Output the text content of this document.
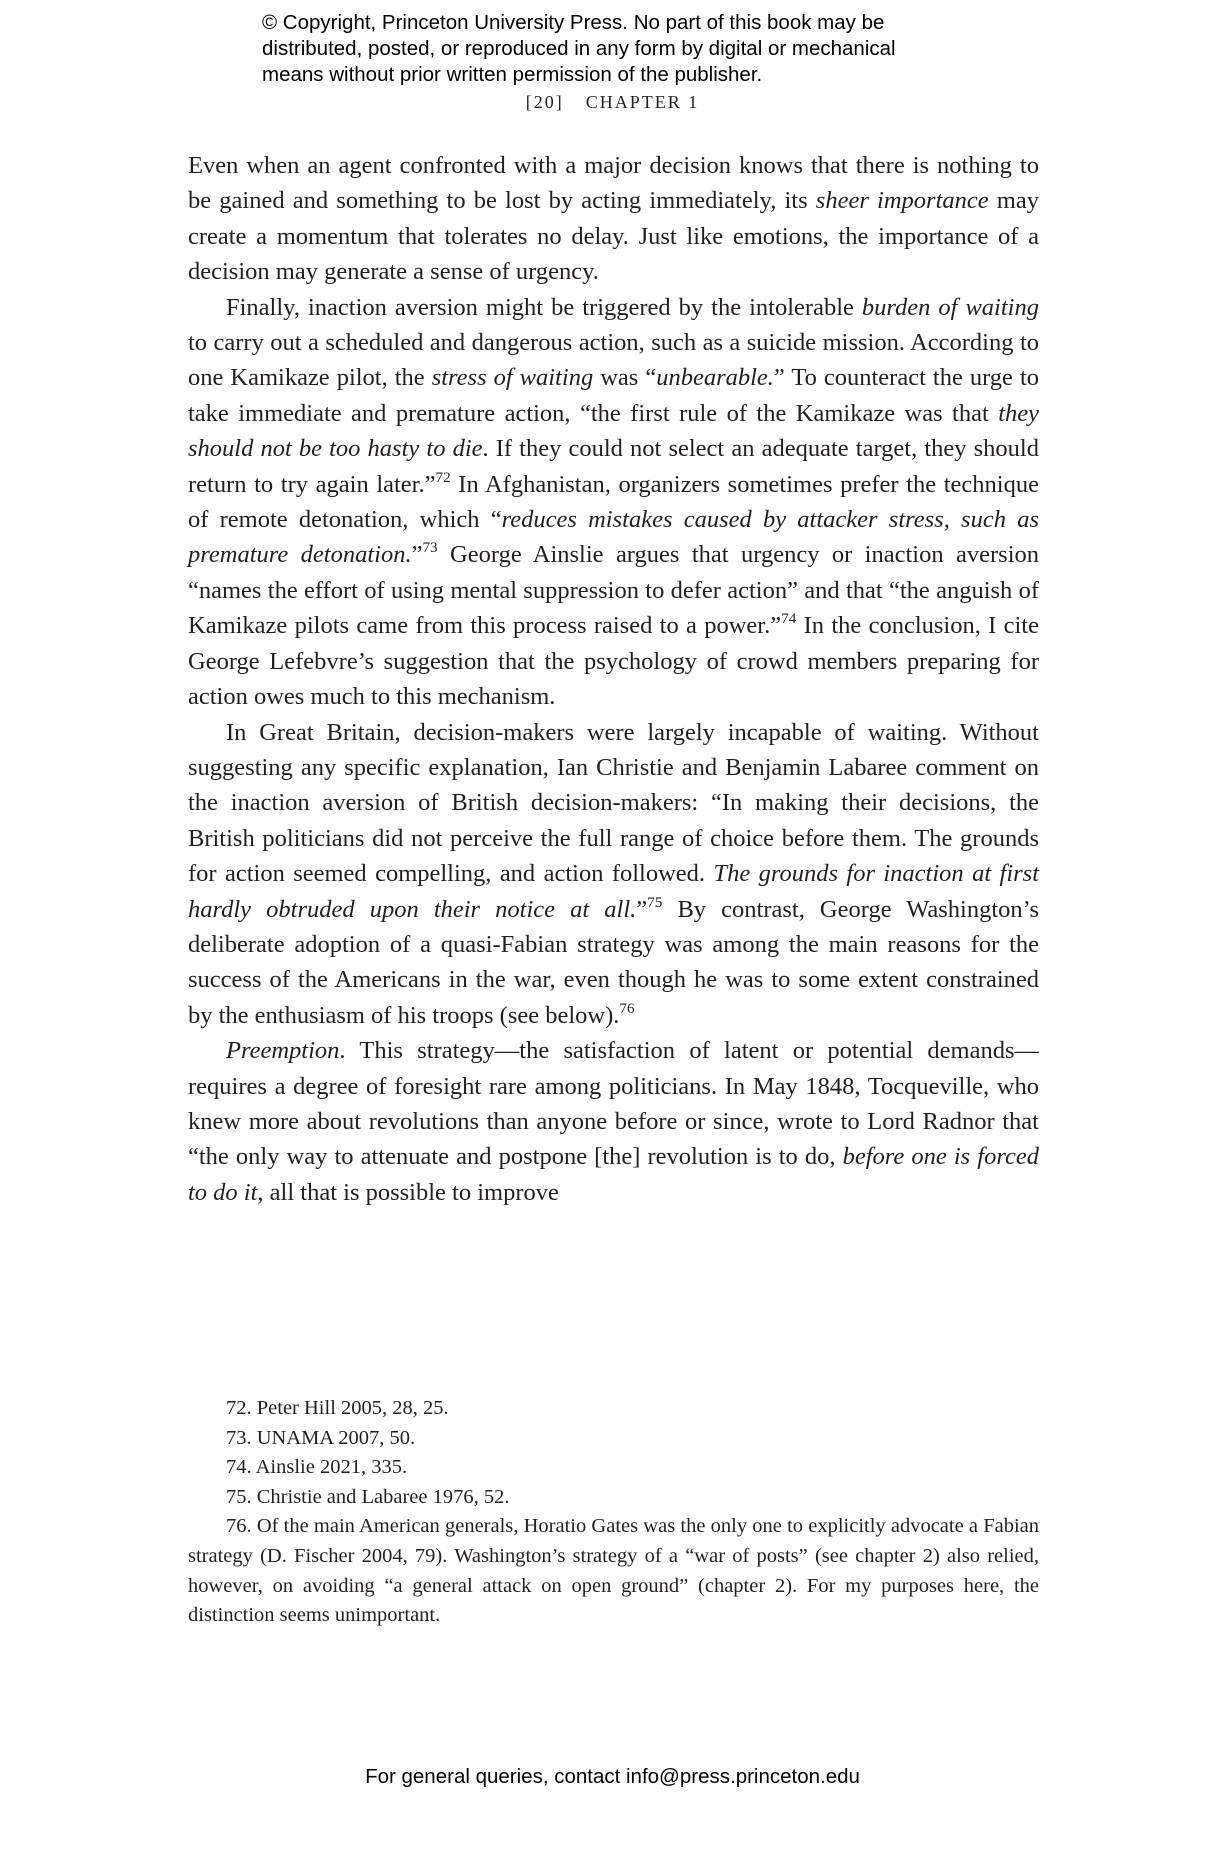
© Copyright, Princeton University Press. No part of this book may be
distributed, posted, or reproduced in any form by digital or mechanical
means without prior written permission of the publisher.
[20] CHAPTER 1

Even when an agent confronted with a major decision knows that there is nothing to be gained and something to be lost by acting immediately, its sheer importance may create a momentum that tolerates no delay. Just like emotions, the importance of a decision may generate a sense of urgency.

Finally, inaction aversion might be triggered by the intolerable burden of waiting to carry out a scheduled and dangerous action, such as a suicide mission. According to one Kamikaze pilot, the stress of waiting was “unbearable.” To counteract the urge to take immediate and premature action, “the first rule of the Kamikaze was that they should not be too hasty to die. If they could not select an adequate target, they should return to try again later.”$^{72}$ In Afghanistan, organizers sometimes prefer the technique of remote detonation, which “reduces mistakes caused by attacker stress, such as premature detonation.”$^{73}$ George Ainslie argues that urgency or inaction aversion “names the effort of using mental suppression to defer action” and that “the anguish of Kamikaze pilots came from this process raised to a power.”$^{74}$ In the conclusion, I cite George Lefebvre’s suggestion that the psychology of crowd members preparing for action owes much to this mechanism.

In Great Britain, decision-makers were largely incapable of waiting. Without suggesting any specific explanation, Ian Christie and Benjamin Labaree comment on the inaction aversion of British decision-makers: “In making their decisions, the British politicians did not perceive the full range of choice before them. The grounds for action seemed compelling, and action followed. The grounds for inaction at first hardly obtruded upon their notice at all.”$^{75}$ By contrast, George Washington’s deliberate adoption of a quasi-Fabian strategy was among the main reasons for the success of the Americans in the war, even though he was to some extent constrained by the enthusiasm of his troops (see below).$^{76}$

Preemption. This strategy—the satisfaction of latent or potential demands—requires a degree of foresight rare among politicians. In May 1848, Tocqueville, who knew more about revolutions than anyone before or since, wrote to Lord Radnor that “the only way to attenuate and postpone [the] revolution is to do, before one is forced to do it, all that is possible to improve

72. Peter Hill 2005, 28, 25.

73. UNAMA 2007, 50.

74. Ainslie 2021, 335.

75. Christie and Labaree 1976, 52.

76. Of the main American generals, Horatio Gates was the only one to explicitly advocate a Fabian strategy (D. Fischer 2004, 79). Washington’s strategy of a “war of posts” (see chapter 2) also relied, however, on avoiding “a general attack on open ground” (chapter 2). For my purposes here, the distinction seems unimportant.

For general queries, contact info@press.princeton.edu
